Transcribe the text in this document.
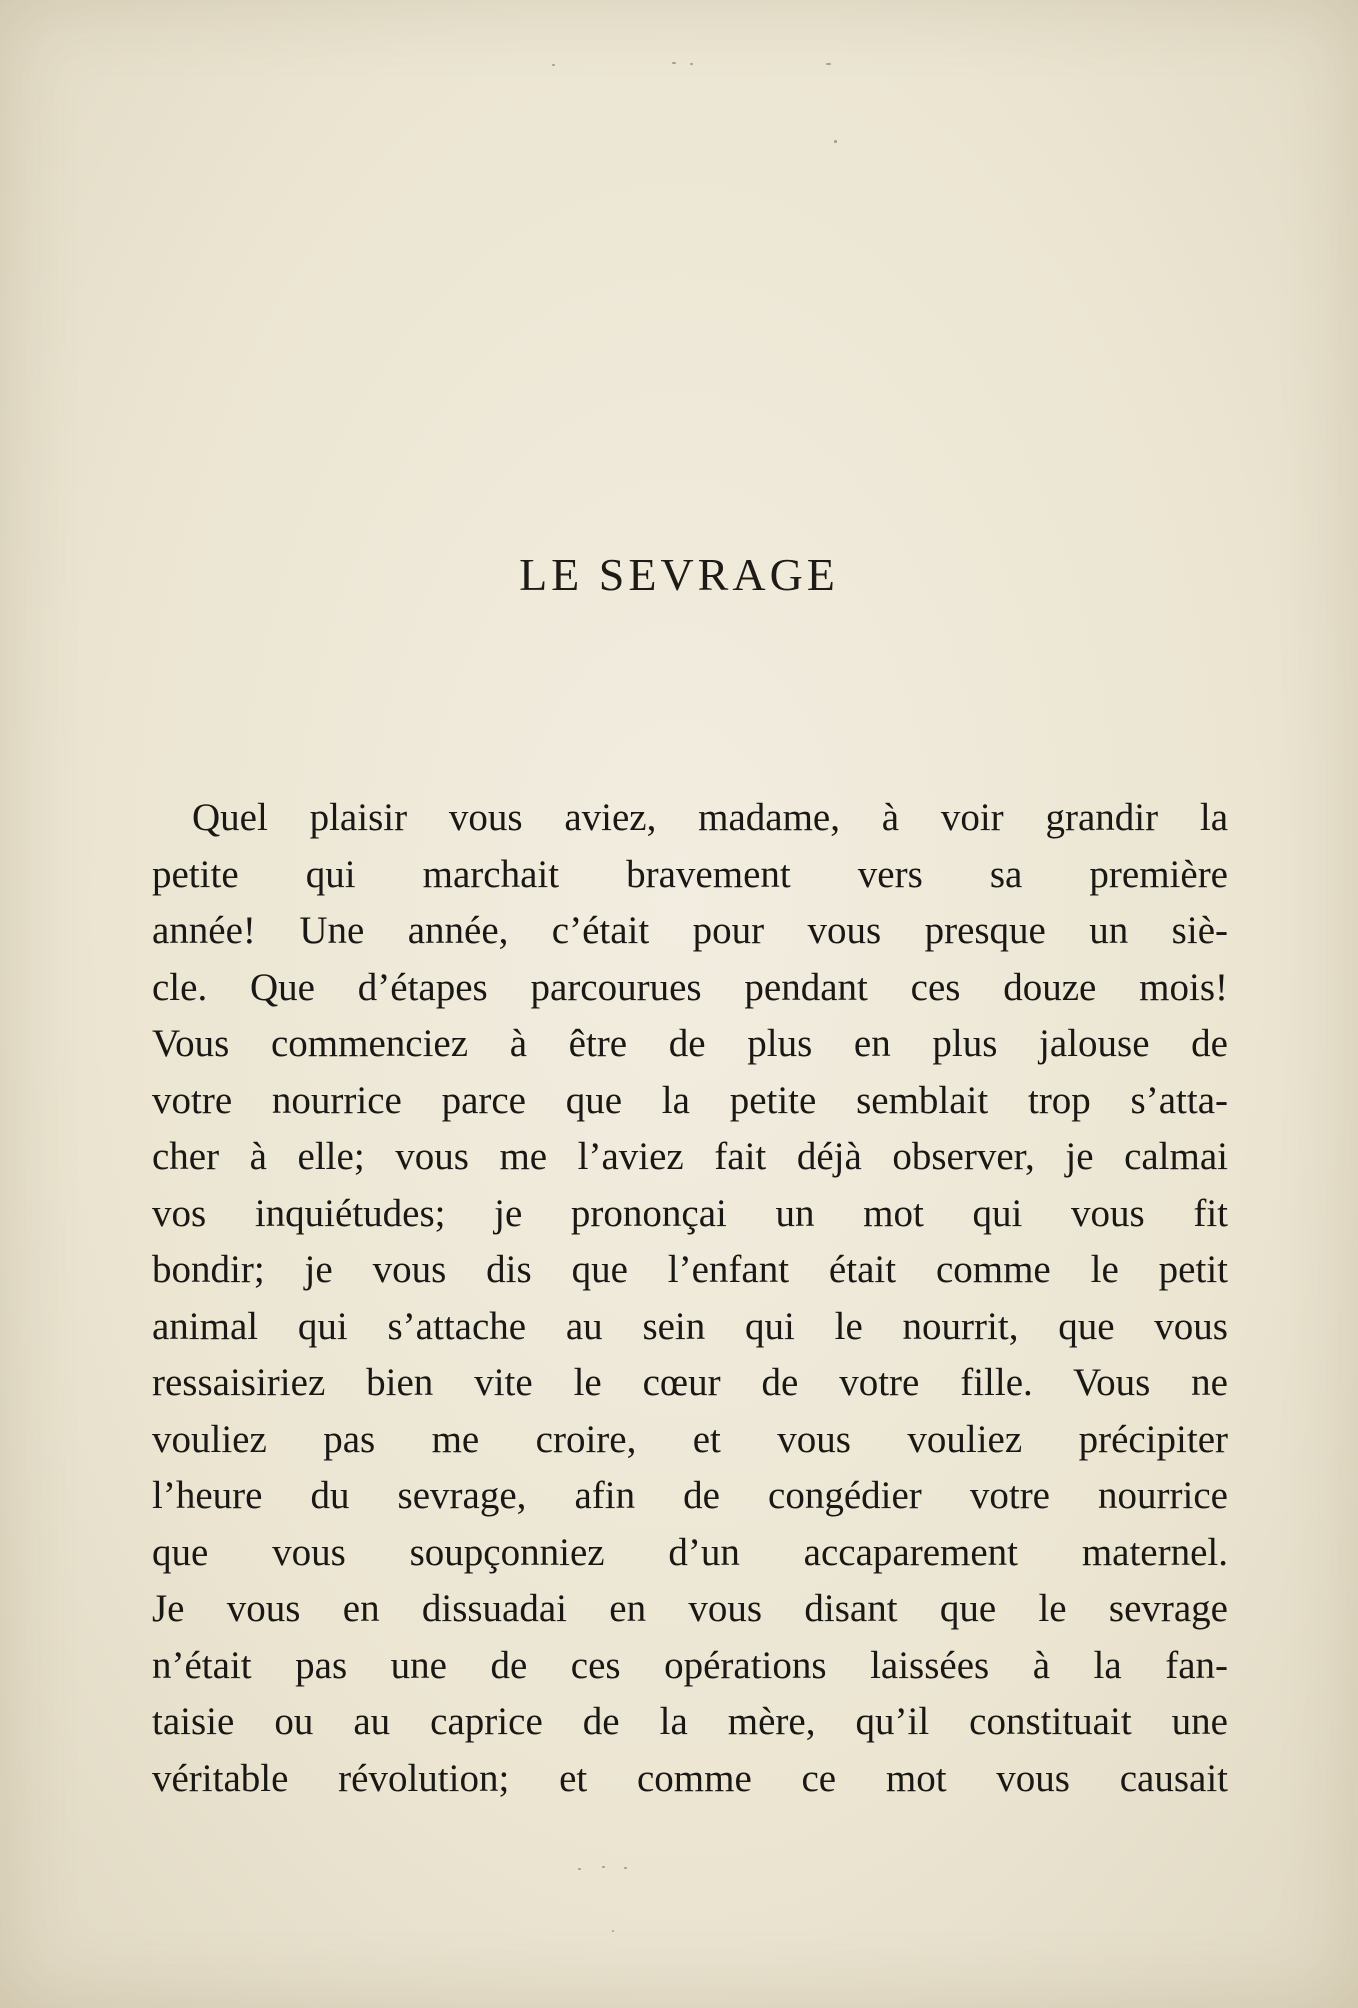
LE SEVRAGE
Quel plaisir vous aviez, madame, à voir grandir la
petite qui marchait bravement vers sa première
année! Une année, c’était pour vous presque un siè-
cle. Que d’étapes parcourues pendant ces douze mois!
Vous commenciez à être de plus en plus jalouse de
votre nourrice parce que la petite semblait trop s’atta-
cher à elle; vous me l’aviez fait déjà observer, je calmai
vos inquiétudes; je prononçai un mot qui vous fit
bondir; je vous dis que l’enfant était comme le petit
animal qui s’attache au sein qui le nourrit, que vous
ressaisiriez bien vite le cœur de votre fille. Vous ne
vouliez pas me croire, et vous vouliez précipiter
l’heure du sevrage, afin de congédier votre nourrice
que vous soupçonniez d’un accaparement maternel.
Je vous en dissuadai en vous disant que le sevrage
n’était pas une de ces opérations laissées à la fan-
taisie ou au caprice de la mère, qu’il constituait une
véritable révolution; et comme ce mot vous causait
